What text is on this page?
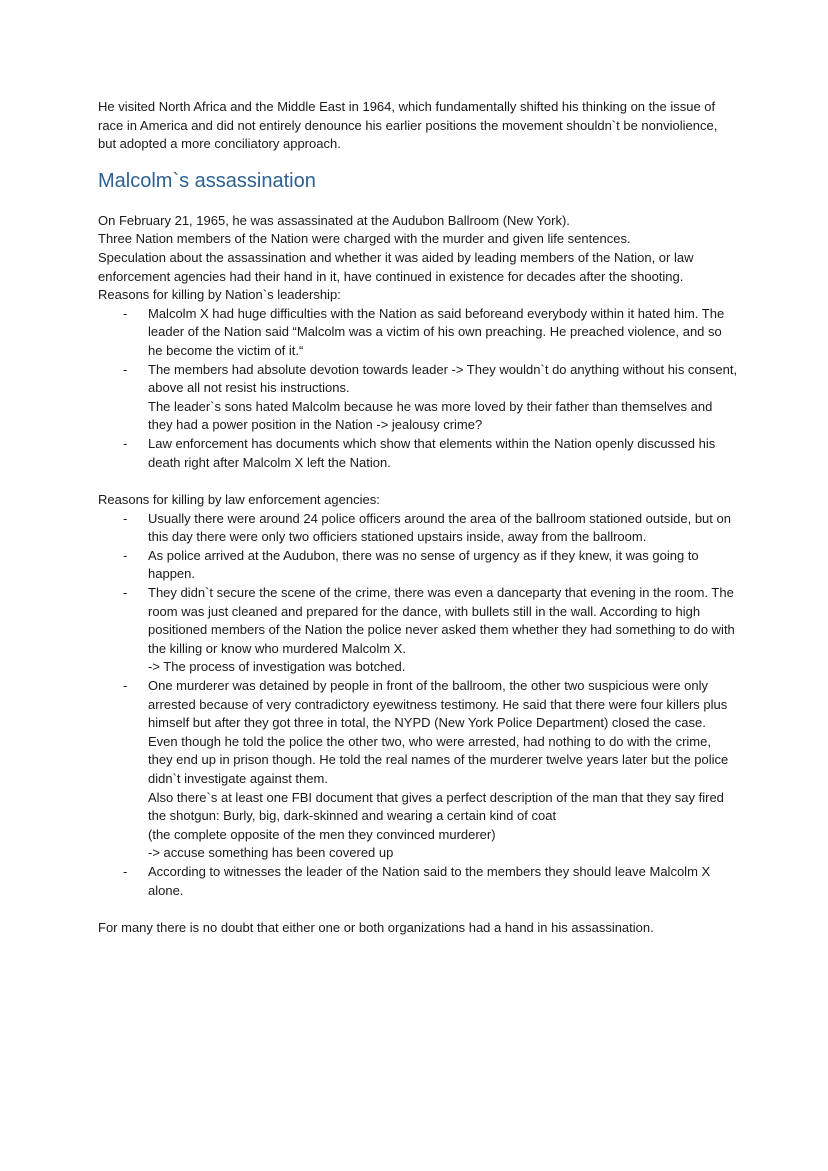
He visited North Africa and the Middle East in 1964, which fundamentally shifted his thinking on the issue of race in America and did not entirely denounce his earlier positions the movement shouldn`t be nonviolience, but adopted a more conciliatory approach.

Malcolm`s assassination

On February 21, 1965, he was assassinated at the Audubon Ballroom (New York).

Three Nation members of the Nation were charged with the murder and given life sentences.

Speculation about the assassination and whether it was aided by leading members of the Nation, or law enforcement agencies had their hand in it, have continued in existence for decades after the shooting.

Reasons for killing by Nation`s leadership:

- Malcolm X had huge difficulties with the Nation as said beforeand everybody within it hated him. The leader of the Nation said “Malcolm was a victim of his own preaching. He preached violence, and so he become the victim of it.“
- The members had absolute devotion towards leader -> They wouldn`t do anything without his consent, above all not resist his instructions.
The leader`s sons hated Malcolm because he was more loved by their father than themselves and they had a power position in the Nation -> jealousy crime?
- Law enforcement has documents which show that elements within the Nation openly discussed his death right after Malcolm X left the Nation.

Reasons for killing by law enforcement agencies:

- Usually there were around 24 police officers around the area of the ballroom stationed outside, but on this day there were only two officiers stationed upstairs inside, away from the ballroom.
- As police arrived at the Audubon, there was no sense of urgency as if they knew, it was going to happen.
- They didn`t secure the scene of the crime, there was even a danceparty that evening in the room. The room was just cleaned and prepared for the dance, with bullets still in the wall. According to high positioned members of the Nation the police never asked them whether they had something to do with the killing or know who murdered Malcolm X.
-> The process of investigation was botched.
- One murderer was detained by people in front of the ballroom, the other two suspicious were only arrested because of very contradictory eyewitness testimony. He said that there were four killers plus himself but after they got three in total, the NYPD (New York Police Department) closed the case.
Even though he told the police the other two, who were arrested, had nothing to do with the crime, they end up in prison though. He told the real names of the murderer twelve years later but the police didn`t investigate against them.
Also there`s at least one FBI document that gives a perfect description of the man that they say fired the shotgun: Burly, big, dark-skinned and wearing a certain kind of coat
(the complete opposite of the men they convinced murderer)
-> accuse something has been covered up
- According to witnesses the leader of the Nation said to the members they should leave Malcolm X alone.

For many there is no doubt that either one or both organizations had a hand in his assassination.
